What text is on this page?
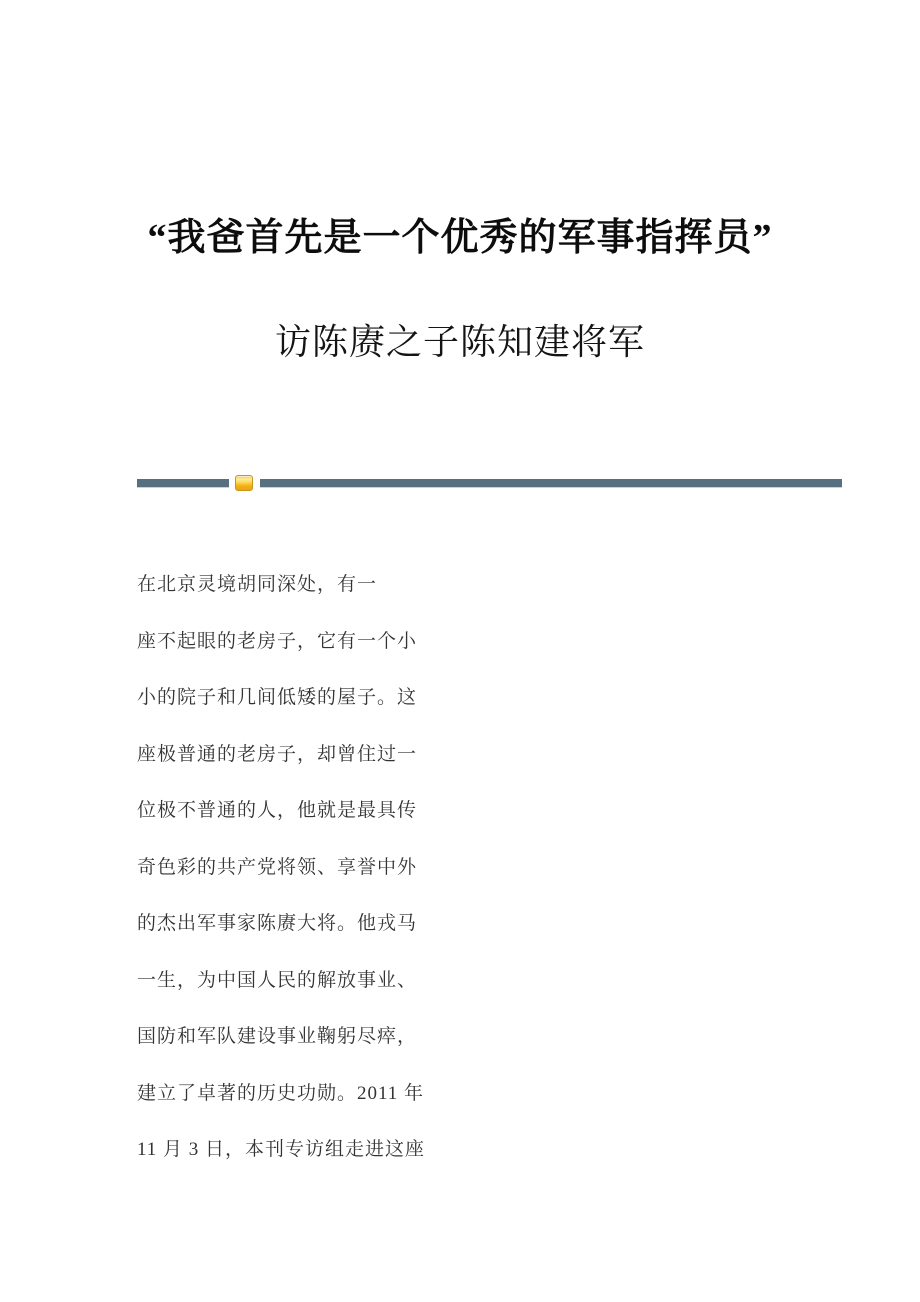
“我爸首先是一个优秀的军事指挥员”
访陈赓之子陈知建将军
在北京灵境胡同深处，有一
座不起眼的老房子，它有一个小
小的院子和几间低矮的屋子。这
座极普通的老房子，却曾住过一
位极不普通的人，他就是最具传
奇色彩的共产党将领、享誉中外
的杰出军事家陈赓大将。他戎马
一生，为中国人民的解放事业、
国防和军队建设事业鞠躬尽瘁，
建立了卓著的历史功勋。2011 年
11 月 3 日，本刊专访组走进这座
